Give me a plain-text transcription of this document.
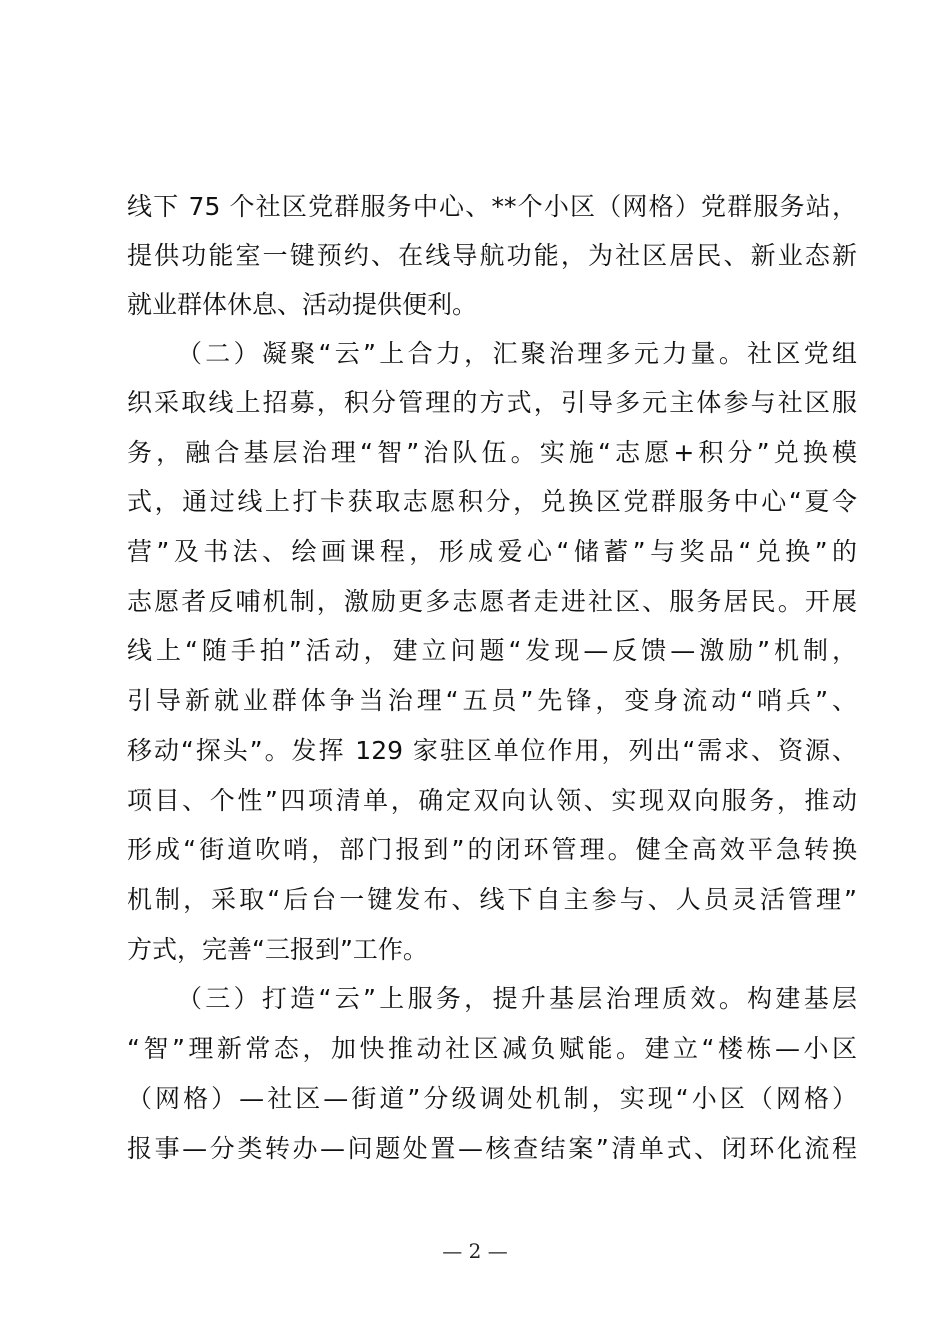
线下 75 个社区党群服务中心、**个小区（网格）党群服务站，
提供功能室一键预约、在线导航功能，为社区居民、新业态新
就业群体休息、活动提供便利。
（二）凝聚“云”上合力，汇聚治理多元力量。社区党组
织采取线上招募，积分管理的方式，引导多元主体参与社区服
务，融合基层治理“智”治队伍。实施“志愿+积分”兑换模
式，通过线上打卡获取志愿积分，兑换区党群服务中心“夏令
营”及书法、绘画课程，形成爱心“储蓄”与奖品“兑换”的
志愿者反哺机制，激励更多志愿者走进社区、服务居民。开展
线上“随手拍”活动，建立问题“发现—反馈—激励”机制，
引导新就业群体争当治理“五员”先锋，变身流动“哨兵”、
移动“探头”。发挥 129 家驻区单位作用，列出“需求、资源、
项目、个性”四项清单，确定双向认领、实现双向服务，推动
形成“街道吹哨，部门报到”的闭环管理。健全高效平急转换
机制，采取“后台一键发布、线下自主参与、人员灵活管理”
方式，完善“三报到”工作。
（三）打造“云”上服务，提升基层治理质效。构建基层
“智”理新常态，加快推动社区减负赋能。建立“楼栋—小区
（网格）—社区—街道”分级调处机制，实现“小区（网格）
报事—分类转办—问题处置—核查结案”清单式、闭环化流程
— 2 —
